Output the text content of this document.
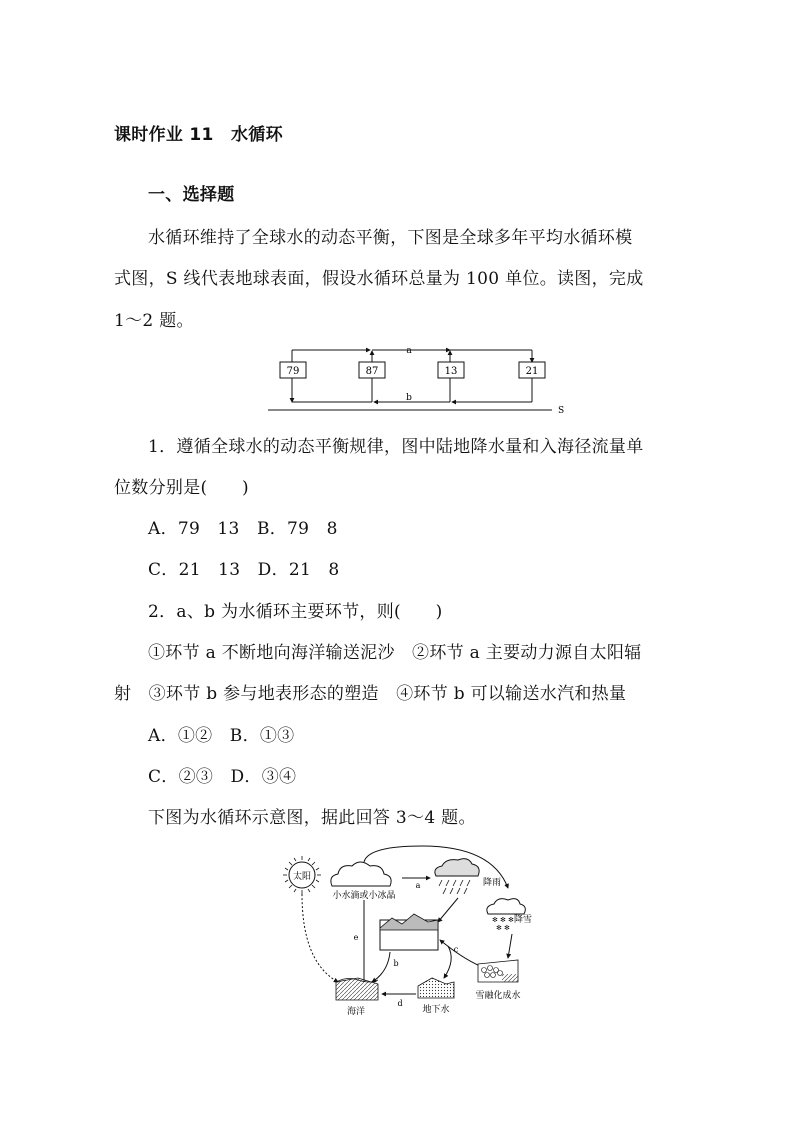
课时作业 11　水循环
一、选择题
水循环维持了全球水的动态平衡，下图是全球多年平均水循环模
式图，S 线代表地球表面，假设水循环总量为 100 单位。读图，完成
1～2 题。
a
79	87	13	21
b
S
1．遵循全球水的动态平衡规律，图中陆地降水量和入海径流量单
位数分别是(　　)
A．79　13　B．79　8
C．21　13　D．21　8
2．a、b 为水循环主要环节，则(　　)
①环节 a 不断地向海洋输送泥沙　②环节 a 主要动力源自太阳辐
射　③环节 b 参与地表形态的塑造　④环节 b 可以输送水汽和热量
A．①②　B．①③
C．②③　D．③④
下图为水循环示意图，据此回答 3～4 题。
太阳
小水滴或小冰晶
a	降雨
✻ ✻ ✻
✻ ✻
降雪
e
海洋
b
地下水
d
c
雪融化成水
